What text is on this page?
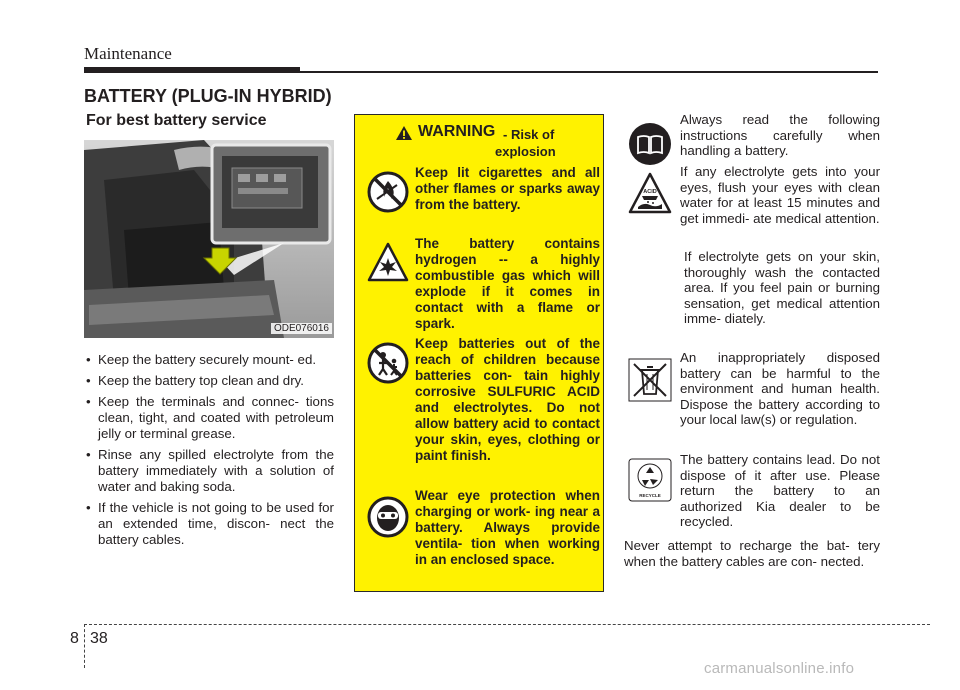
Maintenance
BATTERY (PLUG-IN HYBRID)
For best battery service
ODE076016
• Keep the battery securely mount- ed.
• Keep the battery top clean and dry.
• Keep the terminals and connec- tions clean, tight, and coated with petroleum jelly or terminal grease.
• Rinse any spilled electrolyte from the battery immediately with a solution of water and baking soda.
• If the vehicle is not going to be used for an extended time, discon- nect the battery cables.
WARNING - Risk of
explosion
Keep lit cigarettes and all other flames or sparks away from the battery.
The battery contains hydrogen -- a highly combustible gas which will explode if it comes in contact with a flame or spark.
Keep batteries out of the reach of children because batteries con- tain highly corrosive SULFURIC ACID and electrolytes. Do not allow battery acid to contact your skin, eyes, clothing or paint finish.
Wear eye protection when charging or work- ing near a battery. Always provide ventila- tion when working in an enclosed space.

Always read the following instructions carefully when handling a battery.

ACID

If any electrolyte gets into your eyes, flush your eyes with clean water for at least 15 minutes and get immedi- ate medical attention.

If electrolyte gets on your skin, thoroughly wash the contacted area. If you feel pain or burning sensation, get medical attention imme- diately.

An inappropriately disposed battery can be harmful to the environment and human health. Dispose the battery according to your local law(s) or regulation.

RECYCLE

The battery contains lead. Do not dispose of it after use. Please return the battery to an authorized Kia dealer to be recycled.

Never attempt to recharge the bat- tery when the battery cables are con- nected.

8 38
carmanualsonline.info
